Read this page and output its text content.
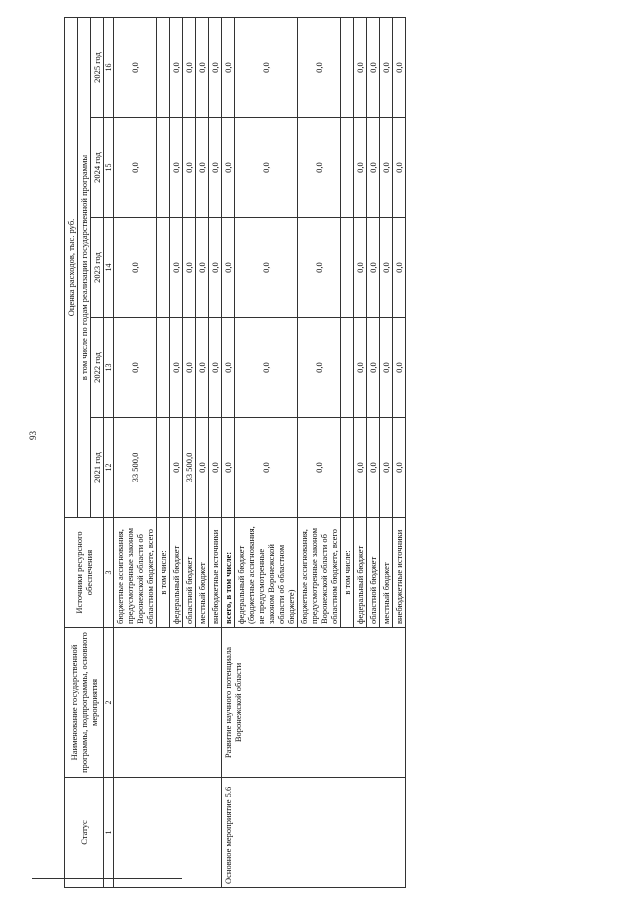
93
Статус	Наименование государственной программы, подпрограммы, основного мероприятия	Источники ресурсного обеспечения	Оценка расходов, тыс. руб.				
			в том числе по годам реализации государственной программы				
			2021 год	2022 год	2023 год	2024 год	2025 год
1	2	3	12	13	14	15	16
		бюджетные ассигнования, предусмотренные законом Воронежской области об областном бюджете, всего	33 500,0	0,0	0,0	0,0	0,0
		в том числе:					
		федеральный бюджет	0,0	0,0	0,0	0,0	0,0
		областной бюджет	33 500,0	0,0	0,0	0,0	0,0
		местный бюджет	0,0	0,0	0,0	0,0	0,0
		внебюджетные источники	0,0	0,0	0,0	0,0	0,0
Основное мероприятие 5.6	Развитие научного потенциала Воронежской области	всего, в том числе:	0,0	0,0	0,0	0,0	0,0
		федеральный бюджет (бюджетные ассигнования, не предусмотренные законом Воронежской области об областном бюджете)	0,0	0,0	0,0	0,0	0,0
		бюджетные ассигнования, предусмотренные законом Воронежской области об областном бюджете, всего	0,0	0,0	0,0	0,0	0,0
		в том числе:					
		федеральный бюджет	0,0	0,0	0,0	0,0	0,0
		областной бюджет	0,0	0,0	0,0	0,0	0,0
		местный бюджет	0,0	0,0	0,0	0,0	0,0
		внебюджетные источники	0,0	0,0	0,0	0,0	0,0
